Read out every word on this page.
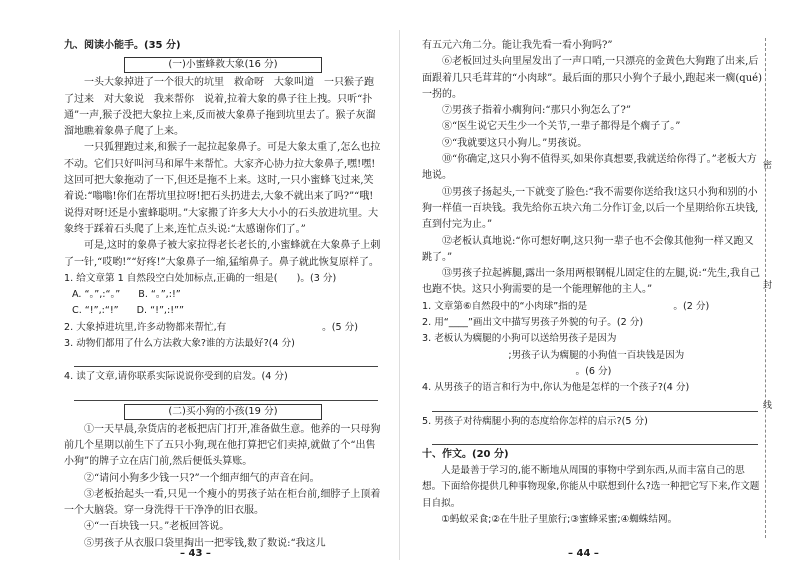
九、阅读小能手。(35 分)

(一)小蜜蜂救大象(16 分)

一头大象掉进了一个很大的坑里　救命呀　大象叫道　一只猴子跑了过来　对大象说　我来帮你　说着,拉着大象的鼻子往上拽。只听“扑通”一声,猴子没把大象拉上来,反而被大象鼻子拖到坑里去了。猴子灰溜溜地瞧着象鼻子爬了上来。

一只狐狸跑过来,和猴子一起拉起象鼻子。可是大象太重了,怎么也拉不动。它们只好叫河马和犀牛来帮忙。大家齐心协力拉大象鼻子,嘿!嘿!这回可把大象拖动了一下,但还是拖不上来。这时,一只小蜜蜂飞过来,笑着说:“嗡嗡!你们在帮坑里拉呀!把石头扔进去,大象不就出来了吗?”“哦!说得对呀!还是小蜜蜂聪明。”大家搬了许多大大小小的石头放进坑里。大象终于踩着石头爬了上来,连忙点头说:“太感谢你们了。”

可是,这时的象鼻子被大家拉得老长老长的,小蜜蜂就在大象鼻子上刺了一针,“哎哟!”“好疼!”大象鼻子一缩,猛缩鼻子。鼻子就此恢复原样了。

1. 给文章第 1 自然段空白处加标点,正确的一组是(　　)。(3 分)

A. “。”,:“。” B. “。”,:!”
C. “!”,:“!” D. “!”,:!””

2. 大象掉进坑里,许多动物都来帮忙,有　　　　　　　　　　。(5 分)

3. 动物们都用了什么方法救大象?谁的方法最好?(4 分)

4. 读了文章,请你联系实际说说你受到的启发。(4 分)

(二)买小狗的小孩(19 分)

①一天早晨,杂货店的老板把店门打开,准备做生意。他养的一只母狗前几个星期以前生下了五只小狗,现在他打算把它们卖掉,就做了个“出售小狗”的牌子立在店门前,然后便低头算账。

②“请问小狗多少钱一只?”一个细声细气的声音在问。

③老板抬起头一看,只见一个瘦小的男孩子站在柜台前,细脖子上顶着一个大脑袋。穿一身洗得干干净净的旧衣服。

④“一百块钱一只。”老板回答说。

⑤男孩子从衣服口袋里掏出一把零钱,数了数说:“我这儿

– 43 –

有五元六角二分。能让我先看一看小狗吗?”

⑥老板回过头向里屋发出了一声口哨,一只漂亮的金黄色大狗跑了出来,后面跟着几只毛茸茸的“小肉球”。最后面的那只小狗个子最小,跑起来一瘸(qué)一拐的。

⑦男孩子指着小瘸狗问:“那只小狗怎么了?”

⑧“医生说它天生少一个关节,一辈子都得是个瘸子了。”

⑨“我就要这只小狗儿。”男孩说。

⑩“你确定,这只小狗不值得买,如果你真想要,我就送给你得了。”老板大方地说。

⑪男孩子扬起头,一下就变了脸色:“我不需要你送给我!这只小狗和别的小狗一样值一百块钱。我先给你五块六角二分作订金,以后一个星期给你五块钱,直到付完为止。”

⑫老板认真地说:“你可想好啊,这只狗一辈子也不会像其他狗一样又跑又跳了。”

⑬男孩子拉起裤腿,露出一条用两根钢棍儿固定住的左腿,说:“先生,我自己也跑不快。这只小狗需要的是一个能理解他的主人。”

1. 文章第⑥自然段中的“小肉球”指的是　　　　　　　　　。(2 分)

2. 用“____”画出文中描写男孩子外貌的句子。(2 分)

3. 老板认为瘸腿的小狗可以送给男孩子是因为　　　　　　　　　

　　　　　　　　　;男孩子认为瘸腿的小狗值一百块钱是因为

　　　　　　　　　　　　　　　　。(6 分)

4. 从男孩子的语言和行为中,你认为他是怎样的一个孩子?(4 分)

5. 男孩子对待瘸腿小狗的态度给你怎样的启示?(5 分)

十、作文。(20 分)

人是最善于学习的,能不断地从周围的事物中学到东西,从而丰富自己的思想。下面给你提供几种事物现象,你能从中联想到什么?选一种把它写下来,作文题目自拟。

①蚂蚁采食;②在牛肚子里旅行;③蜜蜂采蜜;④蜘蛛结网。

– 44 –
密
封
线
